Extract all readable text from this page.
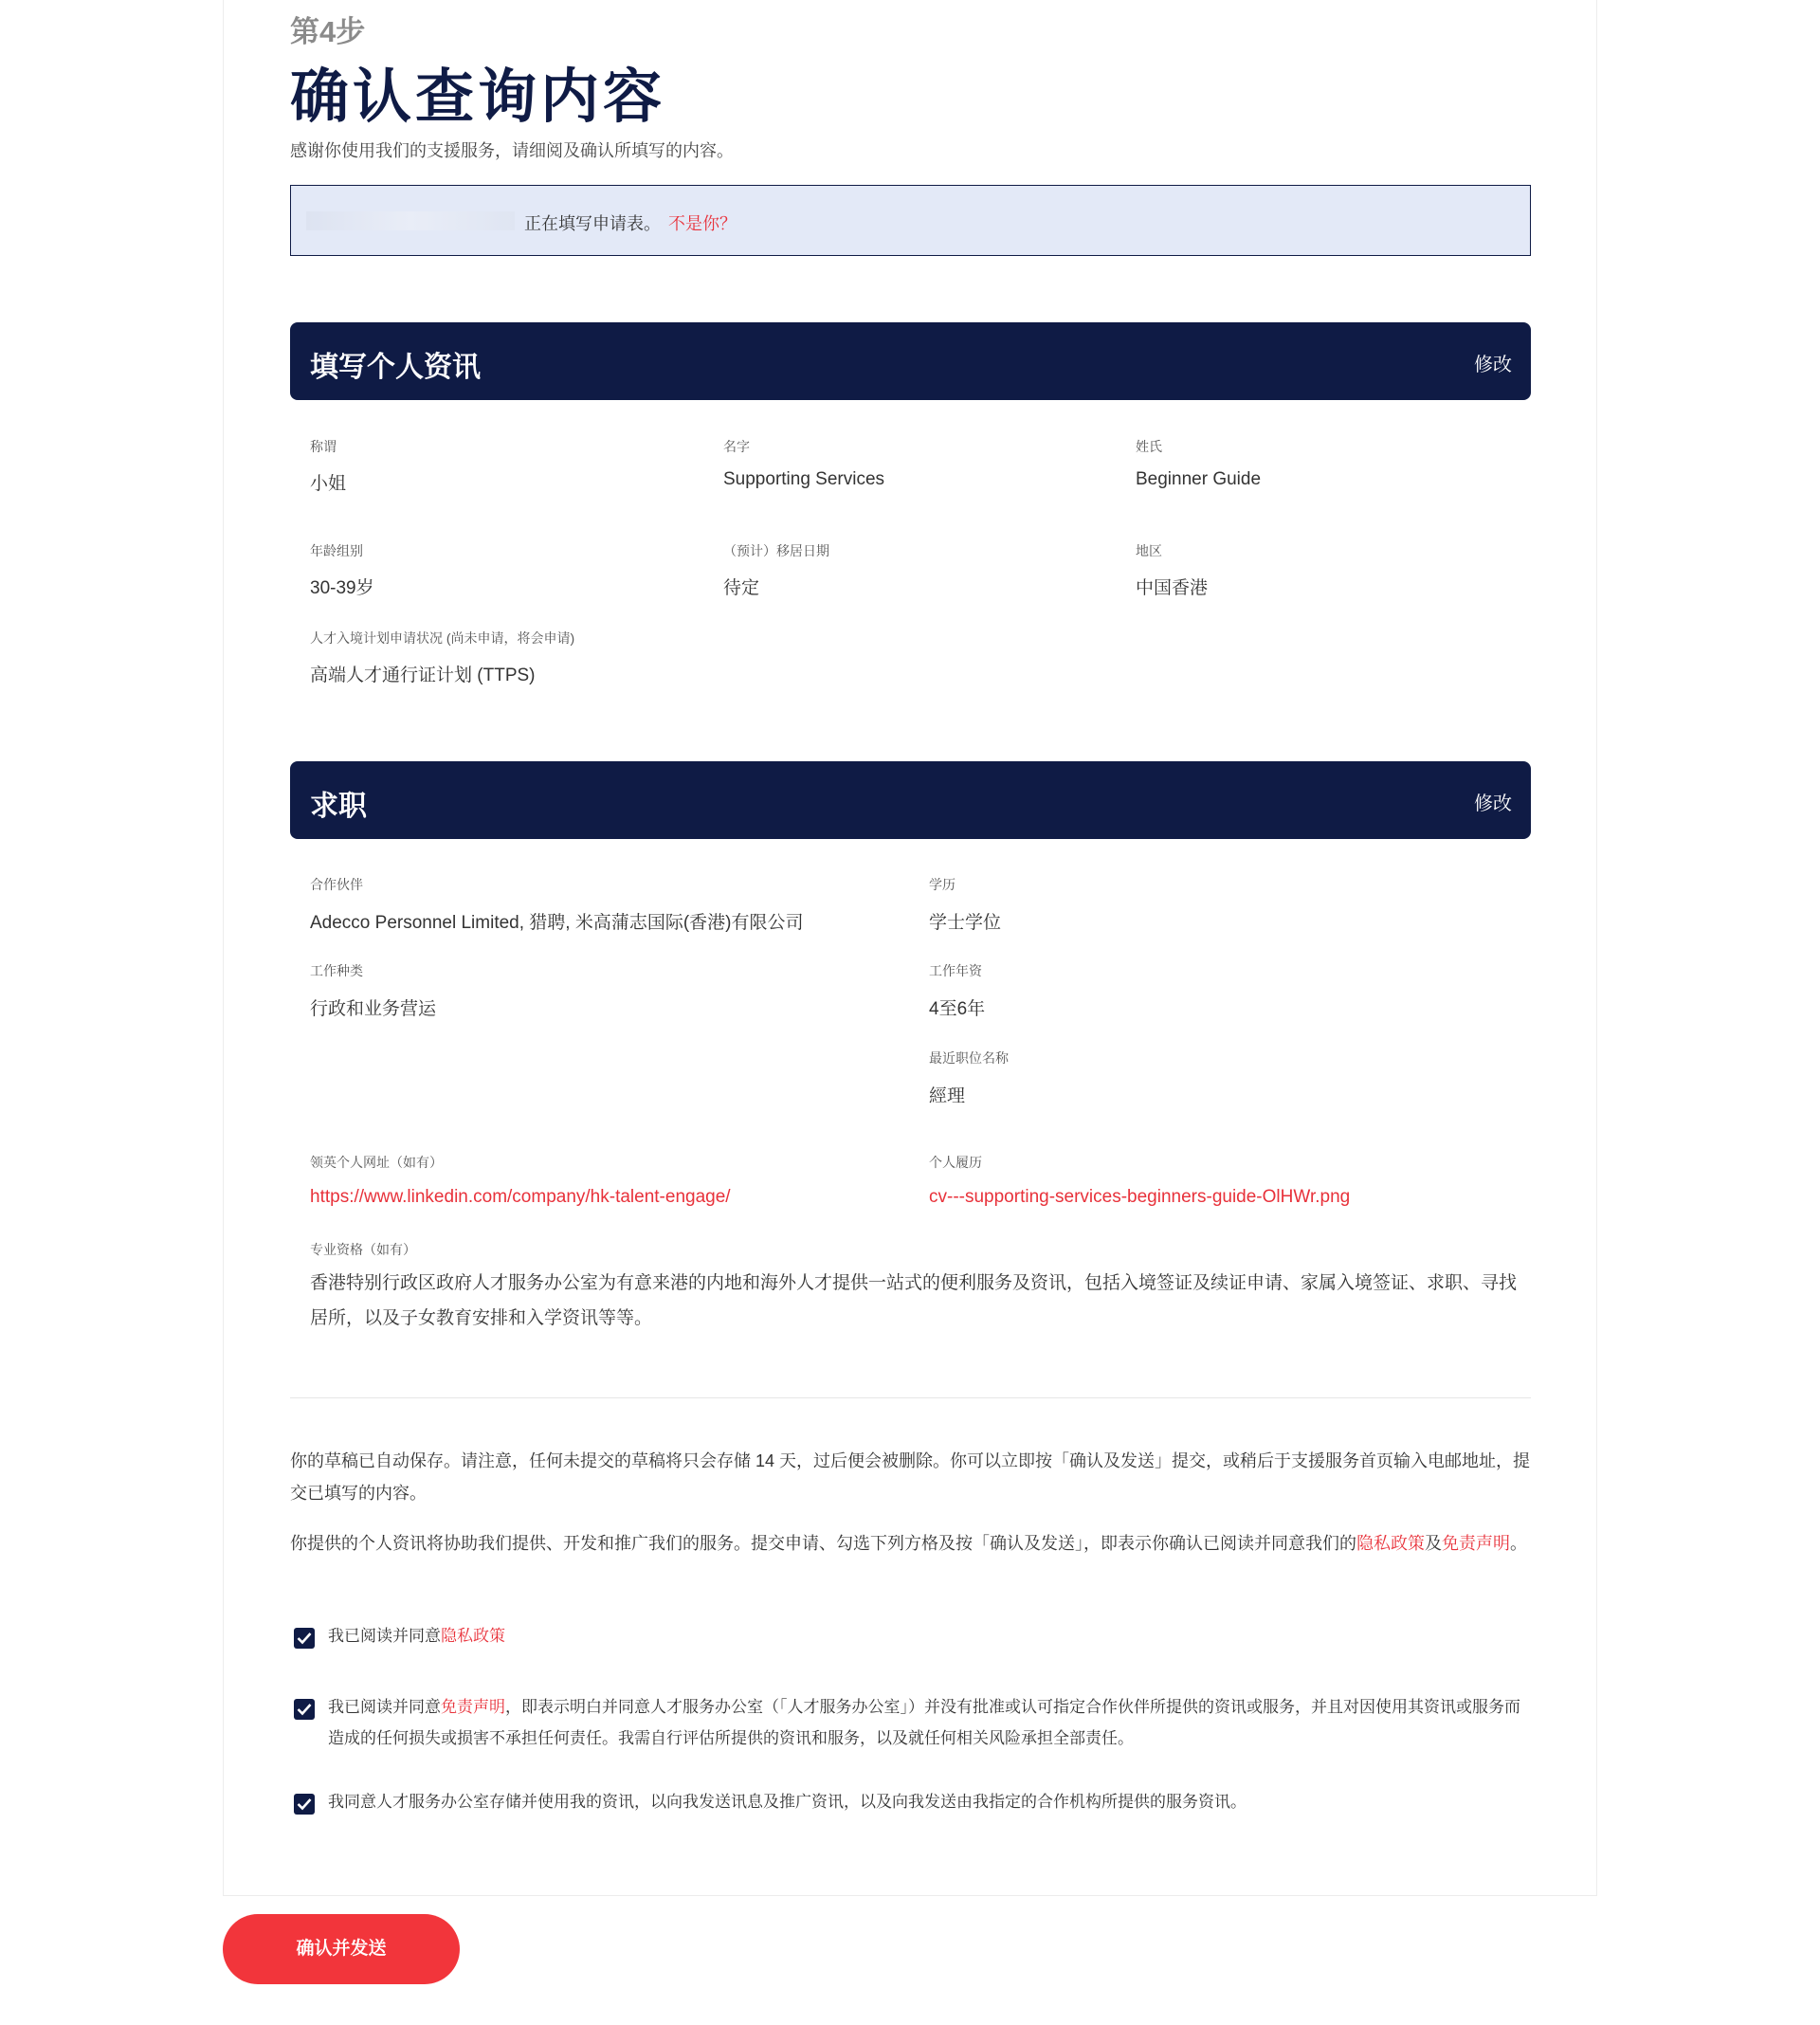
第4步
确认查询内容
感谢你使用我们的支援服务，请细阅及确认所填写的内容。
正在填写申请表。 不是你？
填写个人资讯	修改
称谓
小姐
名字
Supporting Services
姓氏
Beginner Guide
年龄组别
30-39岁
（预计）移居日期
待定
地区
中国香港
人才入境计划申请状况 (尚未申请，将会申请)
高端人才通行证计划 (TTPS)
求职	修改
合作伙伴
Adecco Personnel Limited, 猎聘, 米高蒲志国际(香港)有限公司
学历
学士学位
工作种类
行政和业务营运
工作年资
4至6年
最近职位名称
經理
领英个人网址（如有）
https://www.linkedin.com/company/hk-talent-engage/
个人履历
cv---supporting-services-beginners-guide-OlHWr.png
专业资格（如有）
香港特别行政区政府人才服务办公室为有意来港的内地和海外人才提供一站式的便利服务及资讯，包括入境签证及续证申请、家属入境签证、求职、寻找居所，以及子女教育安排和入学资讯等等。
你的草稿已自动保存。请注意，任何未提交的草稿将只会存储 14 天，过后便会被删除。你可以立即按「确认及发送」提交，或稍后于支援服务首页输入电邮地址，提交已填写的内容。
你提供的个人资讯将协助我们提供、开发和推广我们的服务。提交申请、勾选下列方格及按「确认及发送」，即表示你确认已阅读并同意我们的隐私政策及免责声明。
我已阅读并同意隐私政策
我已阅读并同意免责声明，即表示明白并同意人才服务办公室（「人才服务办公室」）并没有批准或认可指定合作伙伴所提供的资讯或服务，并且对因使用其资讯或服务而造成的任何损失或损害不承担任何责任。我需自行评估所提供的资讯和服务，以及就任何相关风险承担全部责任。
我同意人才服务办公室存储并使用我的资讯，以向我发送讯息及推广资讯，以及向我发送由我指定的合作机构所提供的服务资讯。
确认并发送
